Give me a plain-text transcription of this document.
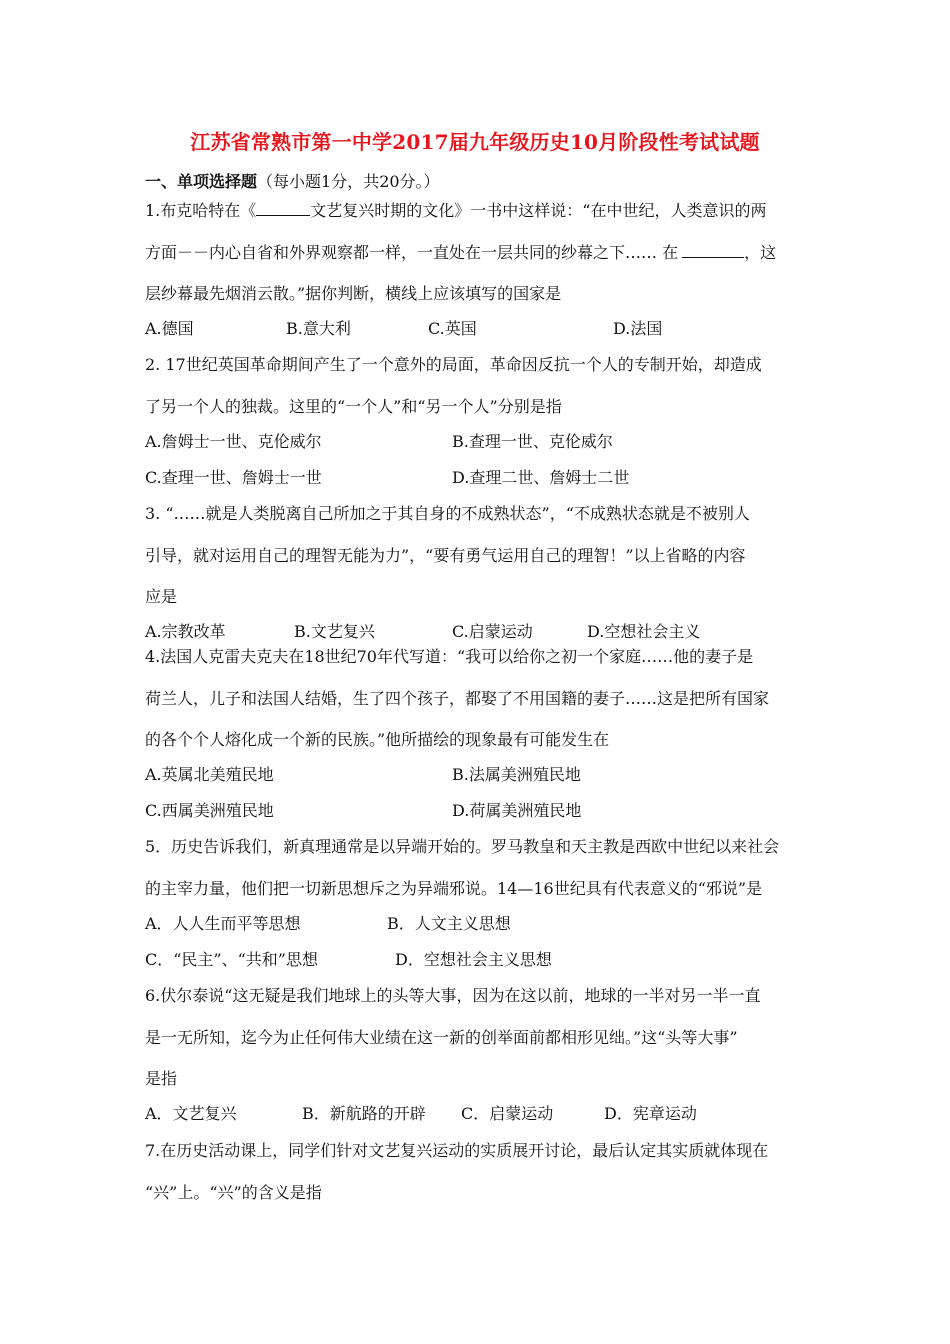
江苏省常熟市第一中学2017届九年级历史10月阶段性考试试题
一、单项选择题（每小题1分，共20分。）
1.布克哈特在《	文艺复兴时期的文化》一书中这样说：“在中世纪，人类意识的两
方面－－内心自省和外界观察都一样，一直处在一层共同的纱幕之下…… 在	，这
层纱幕最先烟消云散。”据你判断，横线上应该填写的国家是
A.德国	B.意大利	C.英国	D.法国
2. 17世纪英国革命期间产生了一个意外的局面，革命因反抗一个人的专制开始，却造成
了另一个人的独裁。这里的“一个人”和“另一个人”分别是指
A.詹姆士一世、克伦威尔	B.查理一世、克伦威尔
C.查理一世、詹姆士一世	D.查理二世、詹姆士二世
3. “……就是人类脱离自己所加之于其自身的不成熟状态”，“不成熟状态就是不被别人
引导，就对运用自己的理智无能为力”，“要有勇气运用自己的理智！”以上省略的内容
应是
A.宗教改革	B.文艺复兴	C.启蒙运动	D.空想社会主义
4.法国人克雷夫克夫在18世纪70年代写道：“我可以给你之初一个家庭……他的妻子是
荷兰人，儿子和法国人结婚，生了四个孩子，都娶了不用国籍的妻子……这是把所有国家
的各个个人熔化成一个新的民族。”他所描绘的现象最有可能发生在
A.英属北美殖民地	B.法属美洲殖民地
C.西属美洲殖民地	D.荷属美洲殖民地
5．历史告诉我们，新真理通常是以异端开始的。罗马教皇和天主教是西欧中世纪以来社会
的主宰力量，他们把一切新思想斥之为异端邪说。14—16世纪具有代表意义的“邪说”是
A．人人生而平等思想	B．人文主义思想
C．“民主”、“共和”思想	D．空想社会主义思想
6.伏尔泰说“这无疑是我们地球上的头等大事，因为在这以前，地球的一半对另一半一直
是一无所知，迄今为止任何伟大业绩在这一新的创举面前都相形见绌。”这“头等大事”
是指
A．文艺复兴	B．新航路的开辟 C．启蒙运动	D．宪章运动
7.在历史活动课上，同学们针对文艺复兴运动的实质展开讨论，最后认定其实质就体现在
“兴”上。“兴”的含义是指
